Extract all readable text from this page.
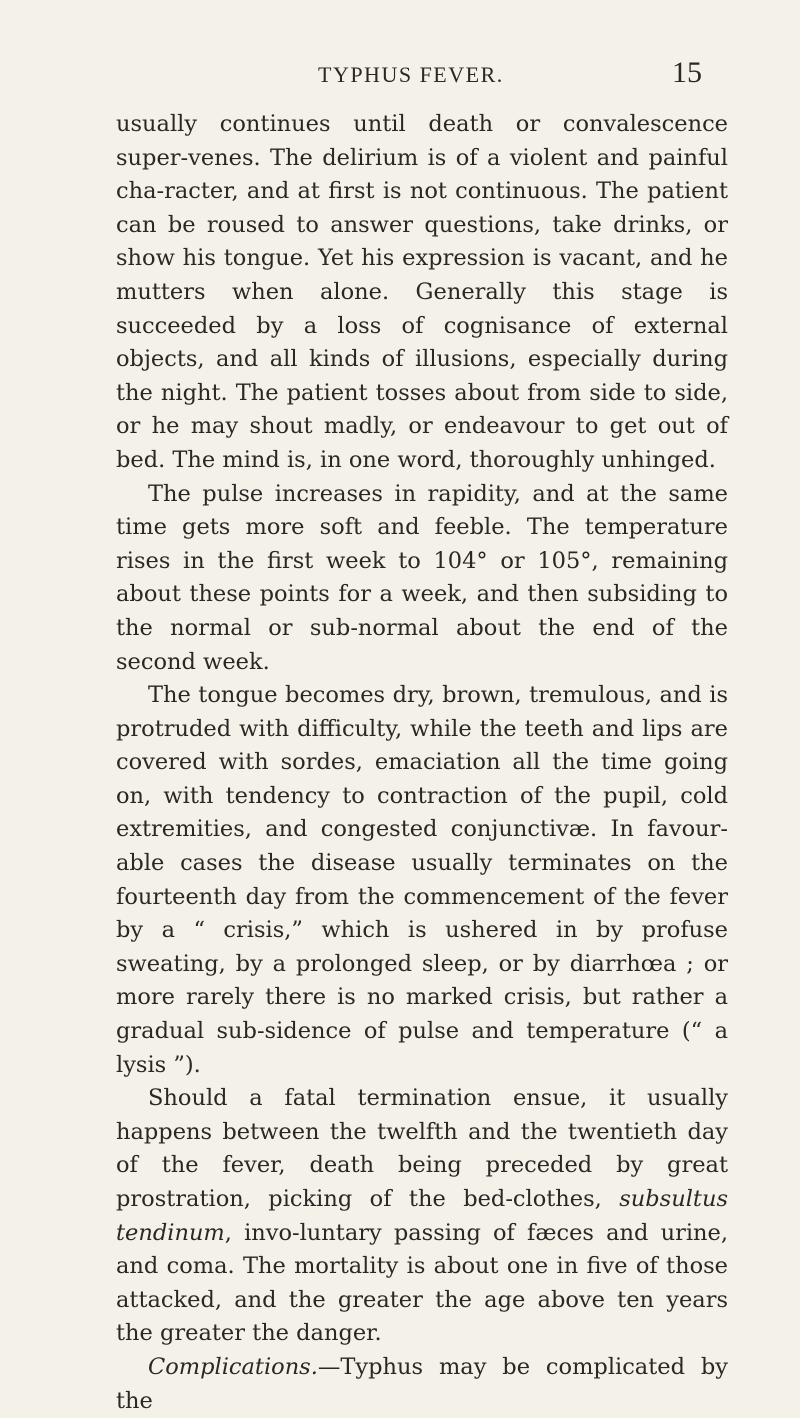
TYPHUS FEVER.	15

usually continues until death or convalescence super-venes. The delirium is of a violent and painful cha-racter, and at first is not continuous. The patient can be roused to answer questions, take drinks, or show his tongue. Yet his expression is vacant, and he mutters when alone. Generally this stage is succeeded by a loss of cognisance of external objects, and all kinds of illusions, especially during the night. The patient tosses about from side to side, or he may shout madly, or endeavour to get out of bed. The mind is, in one word, thoroughly unhinged.

The pulse increases in rapidity, and at the same time gets more soft and feeble. The temperature rises in the first week to 104° or 105°, remaining about these points for a week, and then subsiding to the normal or sub-normal about the end of the second week.

The tongue becomes dry, brown, tremulous, and is protruded with difficulty, while the teeth and lips are covered with sordes, emaciation all the time going on, with tendency to contraction of the pupil, cold extremities, and congested conjunctivæ. In favour-able cases the disease usually terminates on the fourteenth day from the commencement of the fever by a “ crisis,” which is ushered in by profuse sweating, by a prolonged sleep, or by diarrhœa ; or more rarely there is no marked crisis, but rather a gradual sub-sidence of pulse and temperature (“ a lysis ”).

Should a fatal termination ensue, it usually happens between the twelfth and the twentieth day of the fever, death being preceded by great prostration, picking of the bed-clothes, subsultus tendinum, invo-luntary passing of fæces and urine, and coma. The mortality is about one in five of those attacked, and the greater the age above ten years the greater the danger.

Complications.—Typhus may be complicated by the
